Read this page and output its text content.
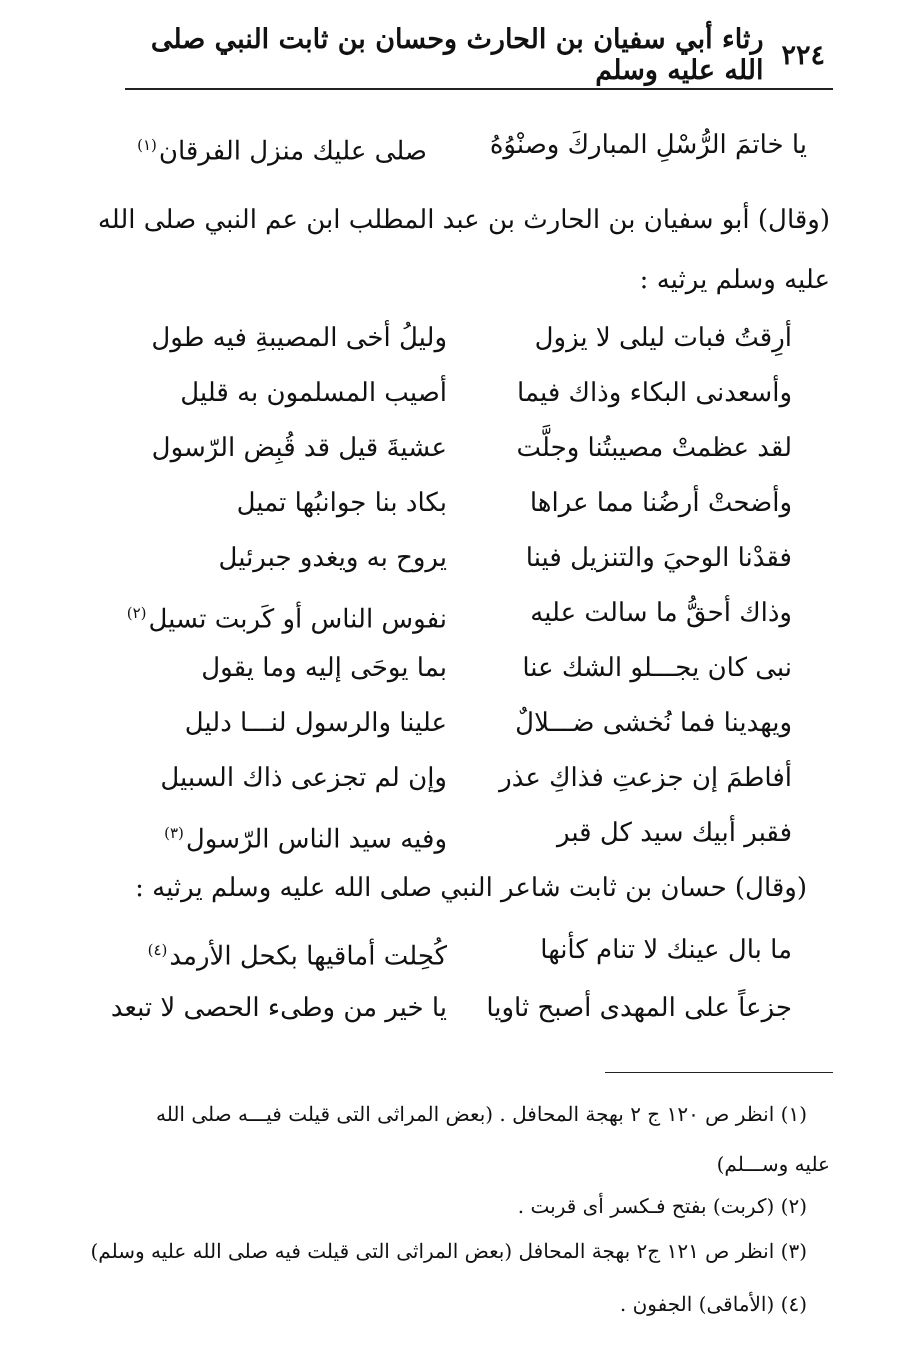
٢٢٤
رثاء أبي سفيان بن الحارث وحسان بن ثابت النبي صلى الله عليه وسلم
يا خاتمَ الرُّسْلِ المباركَ وصنْوُهُ
صلى عليك منزل الفرقان$^{(١)}$
(وقال) أبو سفيان بن الحارث بن عبد المطلب ابن عم النبي صلى الله
عليه وسلم يرثيه :
أرِقتُ فبات ليلى لا يزول
وليلُ أخى المصيبةِ فيه طول
وأسعدنى البكاء وذاك فيما
أصيب المسلمون به قليل
لقد عظمتْ مصيبتُنا وجلَّت
عشيةَ قيل قد قُبِض الرّسول
وأضحتْ أرضُنا مما عراها
بكاد بنا جوانبُها تميل
فقدْنا الوحيَ والتنزيل فينا
يروح به ويغدو جبرئيل
وذاك أحقُّ ما سالت عليه
نفوس الناس أو كَربت تسيل$^{(٢)}$
نبى كان يجـــلو الشك عنا
بما يوحَى إليه وما يقول
ويهدينا فما نُخشى ضـــلالٌ
علينا والرسول لنـــا دليل
أفاطمَ إن جزعتِ فذاكِ عذر
وإن لم تجزعى ذاك السبيل
فقبر أبيك سيد كل قبر
وفيه سيد الناس الرّسول$^{(٣)}$
(وقال) حسان بن ثابت شاعر النبي صلى الله عليه وسلم يرثيه :
ما بال عينك لا تنام كأنها
كُحِلت أماقيها بكحل الأرمد$^{(٤)}$
جزعاً على المهدى أصبح ثاويا
يا خير من وطىء الحصى لا تبعد
(١) انظر ص ١٢٠ ج ٢ بهجة المحافل . (بعض المراثى التى قيلت فيـــه صلى الله
عليه وســـلم)
(٢) (كربت) بفتح فـكسر أى قربت .
(٣) انظر ص ١٢١ ج٢ بهجة المحافل (بعض المراثى التى قيلت فيه صلى الله عليه وسلم)
(٤) (الأماقى) الجفون .
